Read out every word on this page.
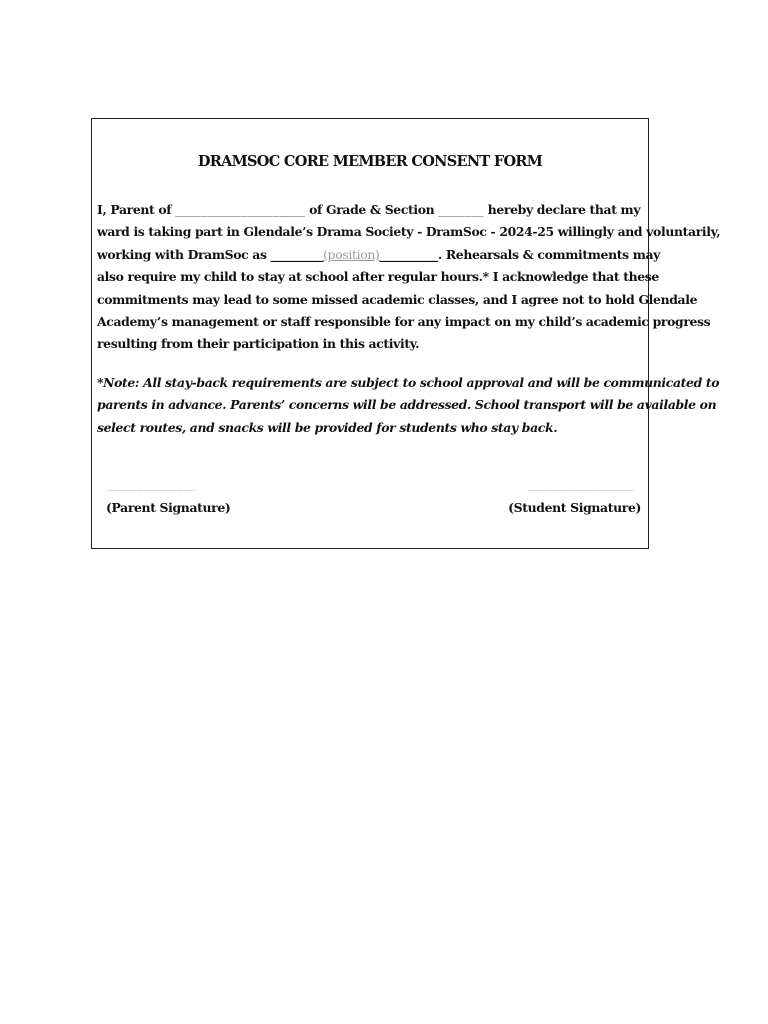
DRAMSOC CORE MEMBER CONSENT FORM
I, Parent of ____________________ of Grade & Section _______ hereby declare that my
ward is taking part in Glendale’s Drama Society - DramSoc - 2024-25 willingly and voluntarily,
working with DramSoc as _________(position)__________. Rehearsals & commitments may
also require my child to stay at school after regular hours.* I acknowledge that these
commitments may lead to some missed academic classes, and I agree not to hold Glendale
Academy’s management or staff responsible for any impact on my child’s academic progress
resulting from their participation in this activity.
*Note: All stay-back requirements are subject to school approval and will be communicated to
parents in advance. Parents’ concerns will be addressed. School transport will be available on
select routes, and snacks will be provided for students who stay back.
_______________
(Parent Signature)
__________________
(Student Signature)
